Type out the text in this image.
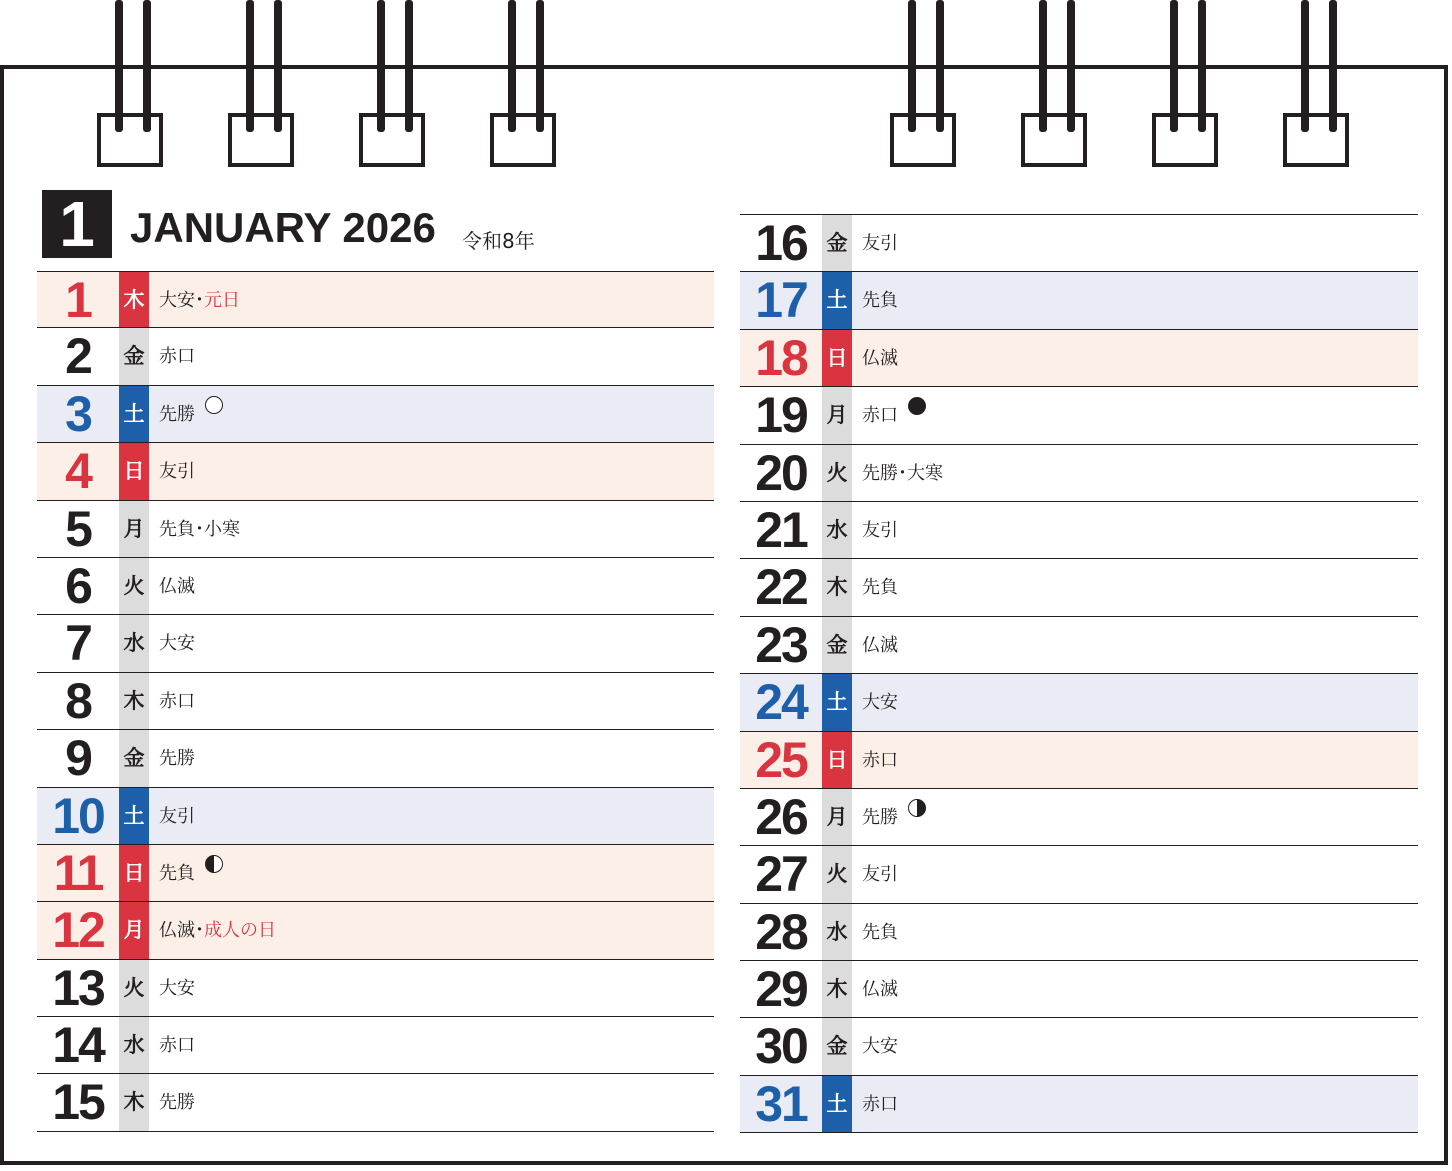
1 JANUARY 2026 令和8年
1	木 大安･元日
2	金 赤口
3	土 先勝
4	日 友引
5	月 先負･小寒
6	火 仏滅
7	水 大安
8	木 赤口
9	金 先勝
10 土 友引
11	日 先負
12 月 仏滅･成人の日
13 火 大安
14 水 赤口
15 木 先勝
16 金 友引
17 土 先負
18 日 仏滅
19 月 赤口
20 火 先勝･大寒
21 水 友引
22 木 先負
23 金 仏滅
24 土 大安
25 日 赤口
26 月 先勝
27 火 友引
28 水 先負
29 木 仏滅
30 金 大安
31 土 赤口
